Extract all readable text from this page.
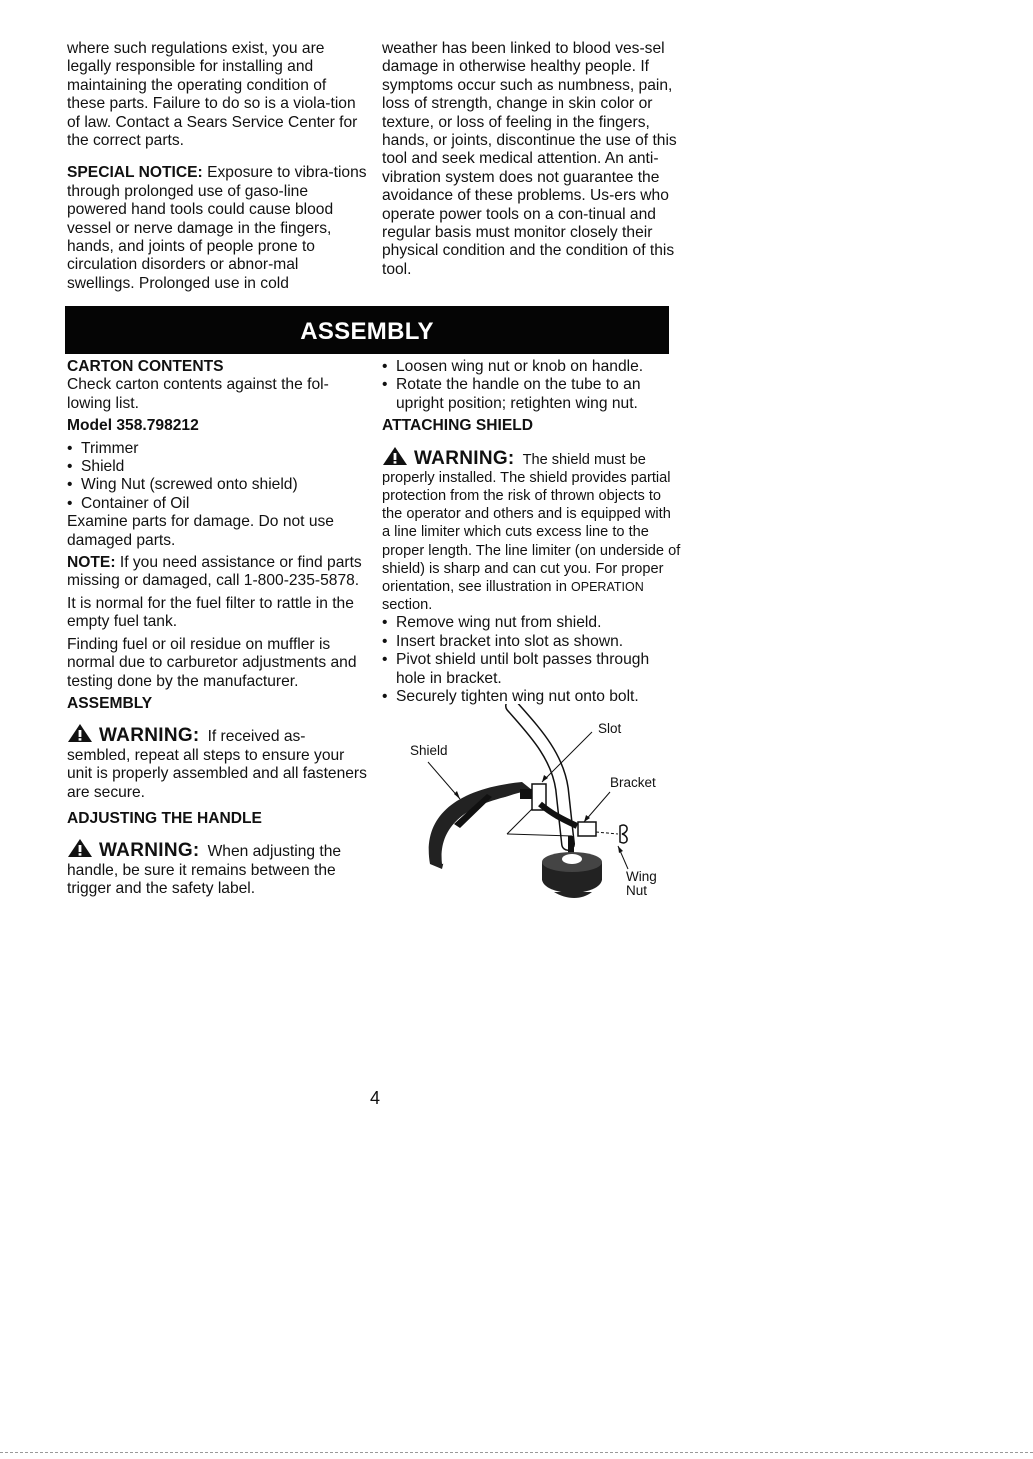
where such regulations exist, you are legally responsible for installing and maintaining the operating condition of these parts. Failure to do so is a viola-tion of law. Contact a Sears Service Center for the correct parts.

SPECIAL NOTICE: Exposure to vibra-tions through prolonged use of gaso-line powered hand tools could cause blood vessel or nerve damage in the fingers, hands, and joints of people prone to circulation disorders or abnor-mal swellings. Prolonged use in cold

weather has been linked to blood ves-sel damage in otherwise healthy people. If symptoms occur such as numbness, pain, loss of strength, change in skin color or texture, or loss of feeling in the fingers, hands, or joints, discontinue the use of this tool and seek medical attention. An anti-vibration system does not guarantee the avoidance of these problems. Us-ers who operate power tools on a con-tinual and regular basis must monitor closely their physical condition and the condition of this tool.

ASSEMBLY

CARTON CONTENTS

Check carton contents against the fol-lowing list.

Model 358.798212

• Trimmer
• Shield
• Wing Nut (screwed onto shield)
• Container of Oil

Examine parts for damage. Do not use damaged parts.

NOTE: If you need assistance or find parts missing or damaged, call 1-800-235-5878.

It is normal for the fuel filter to rattle in the empty fuel tank.

Finding fuel or oil residue on muffler is normal due to carburetor adjustments and testing done by the manufacturer.

ASSEMBLY

WARNING: If received as-sembled, repeat all steps to ensure your unit is properly assembled and all fasteners are secure.

ADJUSTING THE HANDLE

WARNING: When adjusting the handle, be sure it remains between the trigger and the safety label.

• Loosen wing nut or knob on handle.
• Rotate the handle on the tube to an upright position; retighten wing nut.

ATTACHING SHIELD

WARNING: The shield must be properly installed. The shield provides partial protection from the risk of thrown objects to the operator and others and is equipped with a line limiter which cuts excess line to the proper length. The line limiter (on underside of shield) is sharp and can cut you. For proper orientation, see illustration in OPERATION section.

• Remove wing nut from shield.
• Insert bracket into slot as shown.
• Pivot shield until bolt passes through hole in bracket.
• Securely tighten wing nut onto bolt.
Slot
Shield
Bracket
Wing
Nut
4
